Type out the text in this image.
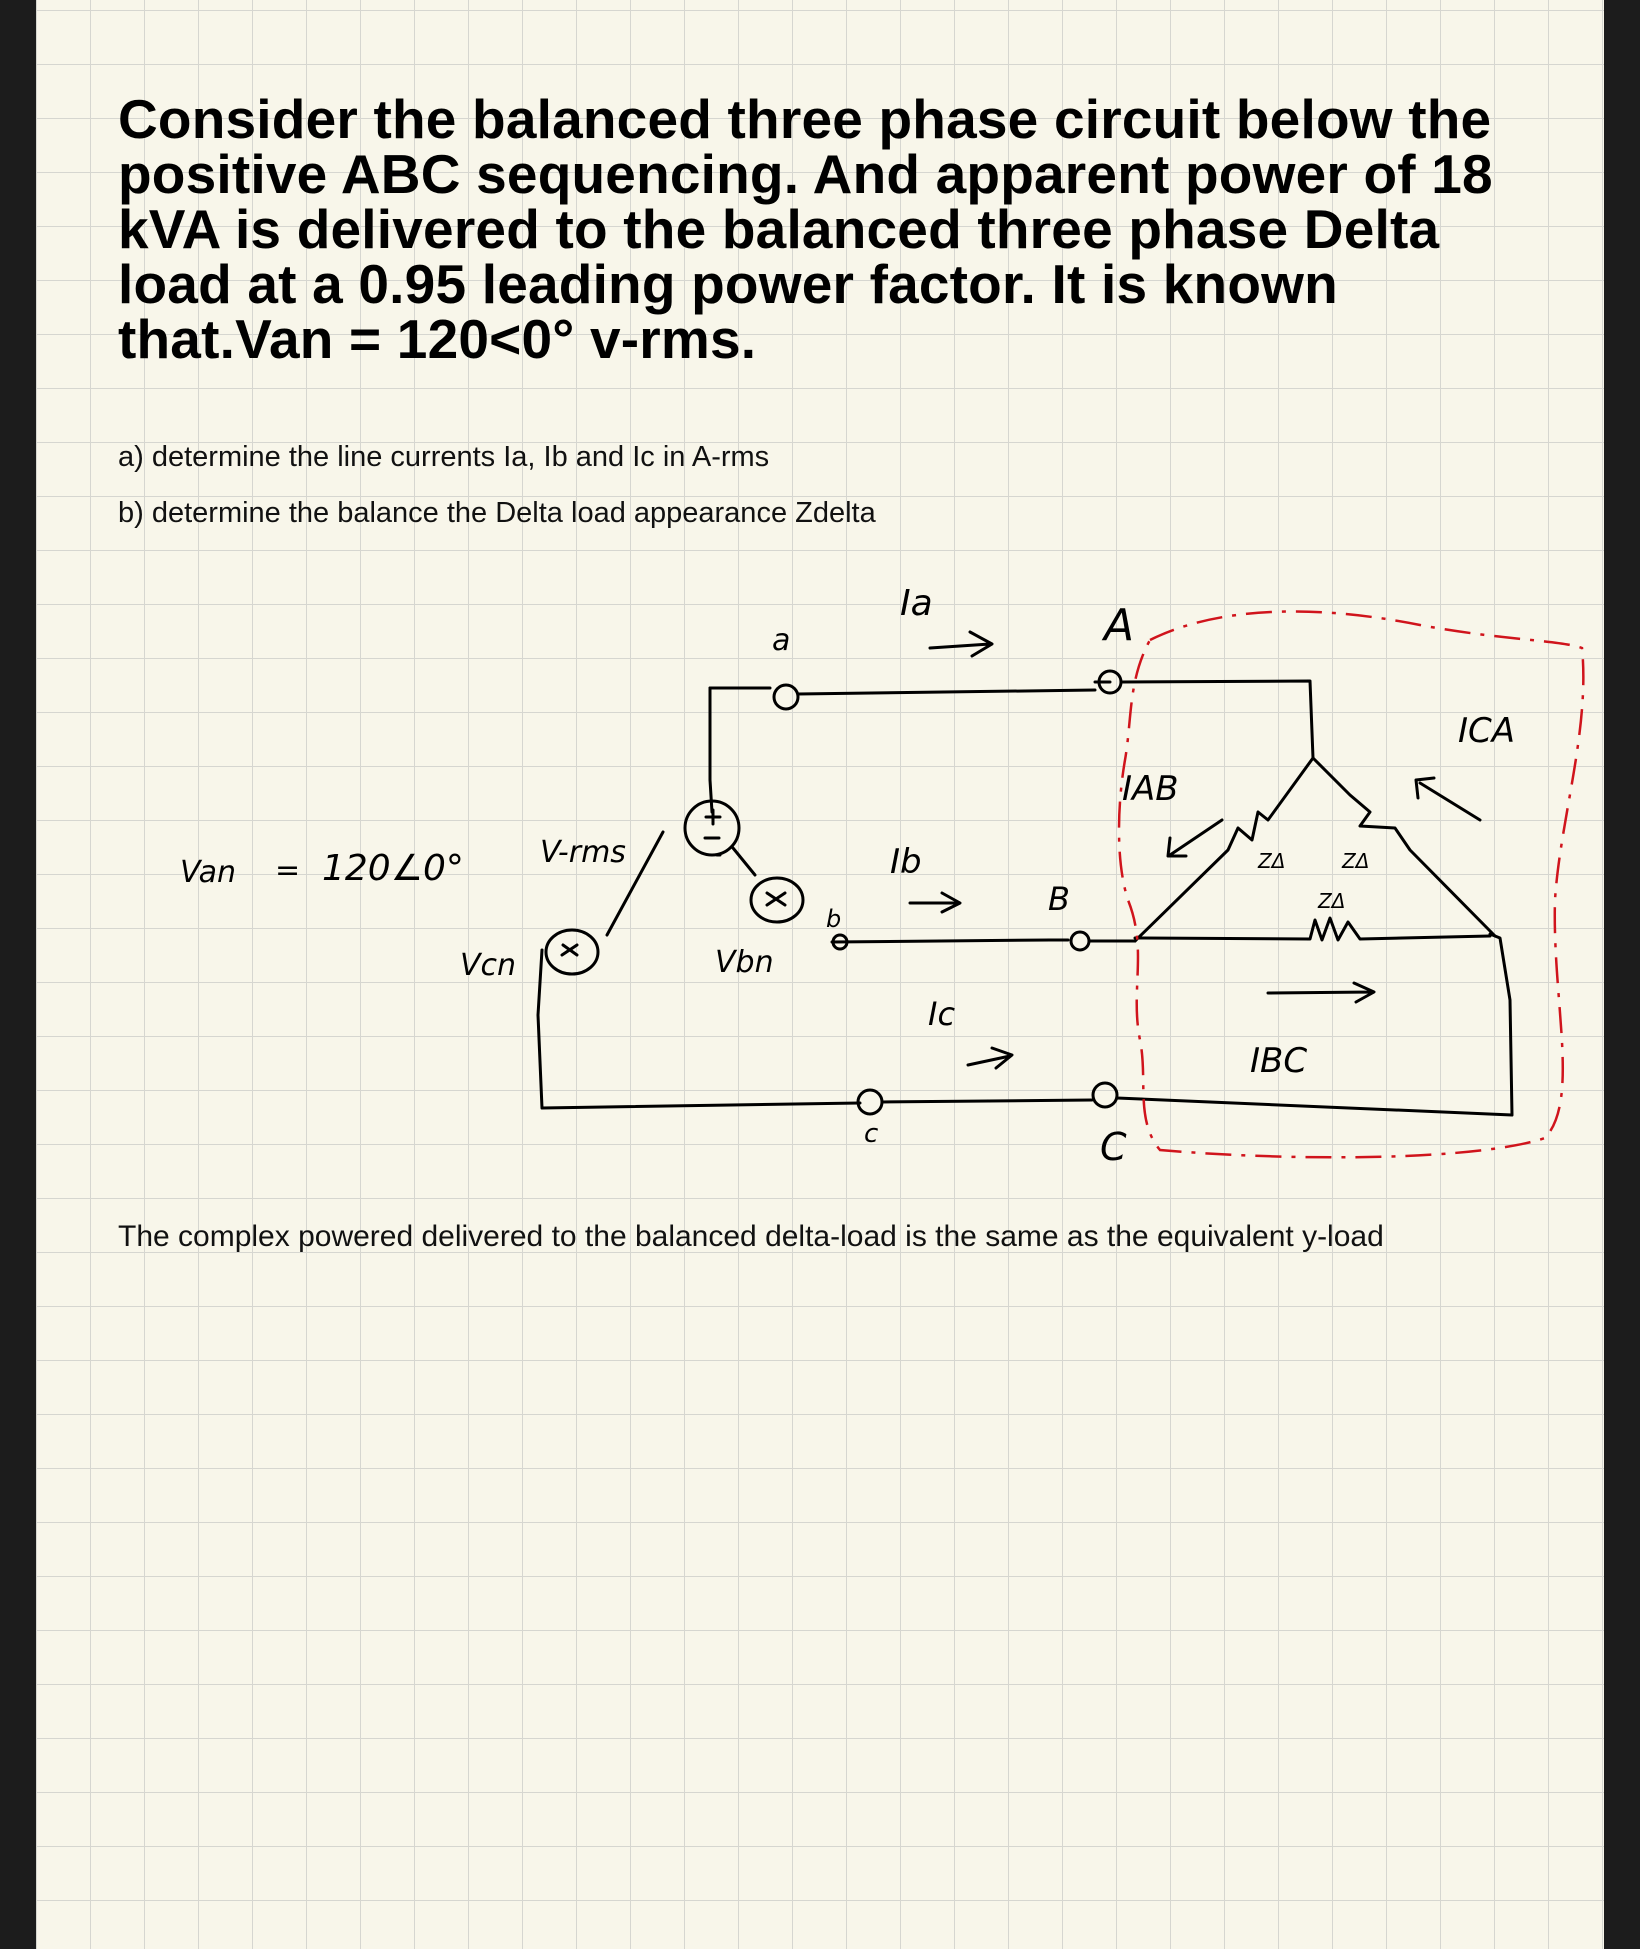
Consider the balanced three phase circuit below the positive ABC sequencing. And apparent power of 18 kVA is delivered to the balanced three phase Delta load at a 0.95 leading power factor. It is known that.Van = 120<0° v-rms.

a) determine the line currents Ia, Ib and Ic in A-rms

b) determine the balance the Delta load appearance Zdelta

The complex powered delivered to the balanced delta-load is the same as the equivalent y-load

Van = 120∠0°	V-rms
Vcn	Vbn
a
b
c
A
B
C
Ia
Ib
Ic
IAB
ICA
IBC
ZΔ	ZΔ
ZΔ
